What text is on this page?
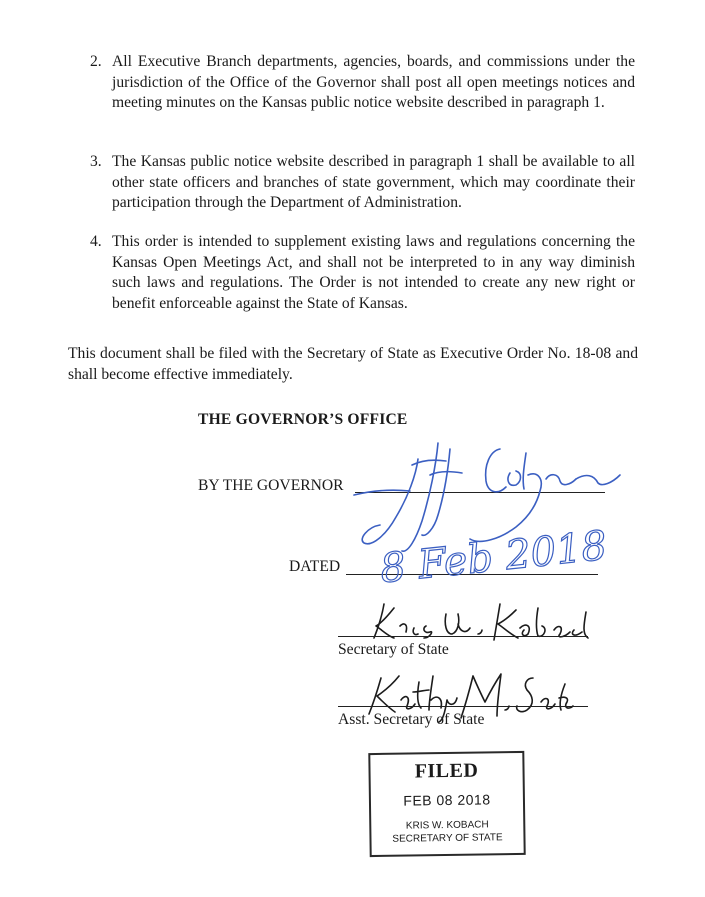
2. All Executive Branch departments, agencies, boards, and commissions under the jurisdiction of the Office of the Governor shall post all open meetings notices and meeting minutes on the Kansas public notice website described in paragraph 1.
3. The Kansas public notice website described in paragraph 1 shall be available to all other state officers and branches of state government, which may coordinate their participation through the Department of Administration.
4. This order is intended to supplement existing laws and regulations concerning the Kansas Open Meetings Act, and shall not be interpreted to in any way diminish such laws and regulations. The Order is not intended to create any new right or benefit enforceable against the State of Kansas.
This document shall be filed with the Secretary of State as Executive Order No. 18-08 and shall become effective immediately.
THE GOVERNOR’S OFFICE
BY THE GOVERNOR
DATED 8 Feb 2018
Secretary of State
Asst. Secretary of State
FILED
FEB 08 2018
KRIS W. KOBACH
SECRETARY OF STATE
